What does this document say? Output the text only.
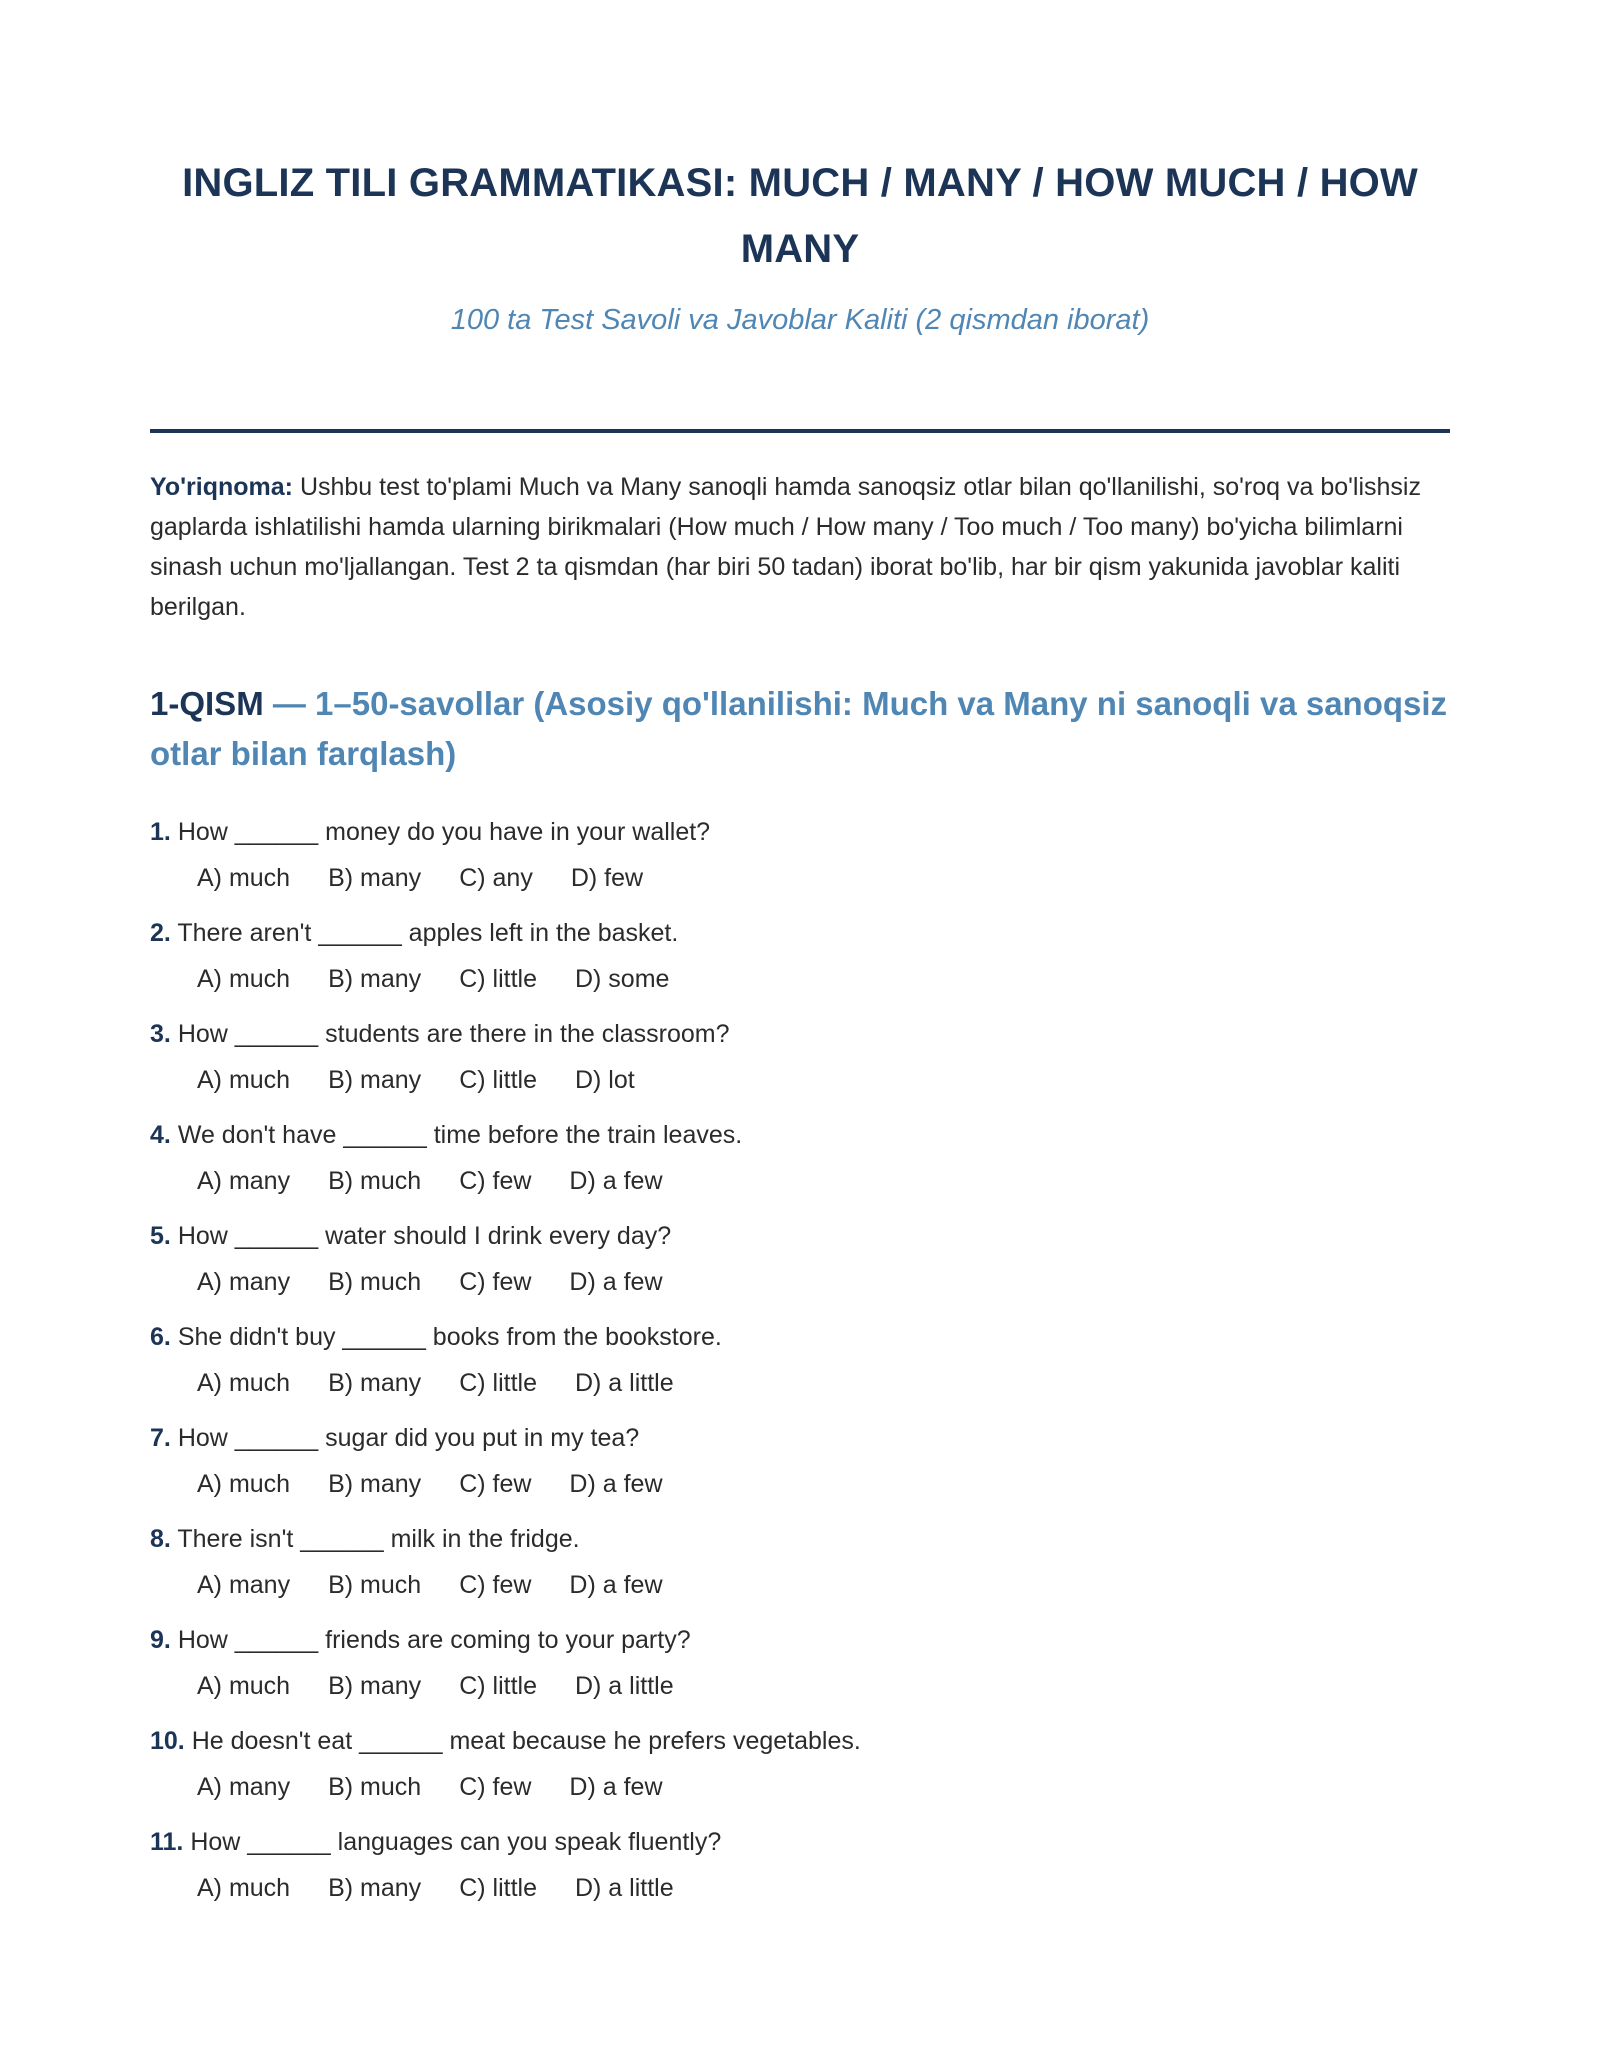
INGLIZ TILI GRAMMATIKASI: MUCH / MANY / HOW MUCH / HOW MANY
100 ta Test Savoli va Javoblar Kaliti (2 qismdan iborat)

Yo'riqnoma: Ushbu test to'plami Much va Many sanoqli hamda sanoqsiz otlar bilan qo'llanilishi, so'roq va bo'lishsiz gaplarda ishlatilishi hamda ularning birikmalari (How much / How many / Too much / Too many) bo'yicha bilimlarni sinash uchun mo'ljallangan. Test 2 ta qismdan (har biri 50 tadan) iborat bo'lib, har bir qism yakunida javoblar kaliti berilgan.

1-QISM — 1–50-savollar (Asosiy qo'llanilishi: Much va Many ni sanoqli va sanoqsiz otlar bilan farqlash)
1. How ______ money do you have in your wallet?
A) much B) many C) any D) few
2. There aren't ______ apples left in the basket.
A) much B) many C) little D) some
3. How ______ students are there in the classroom?
A) much B) many C) little D) lot
4. We don't have ______ time before the train leaves.
A) many B) much C) few D) a few
5. How ______ water should I drink every day?
A) many B) much C) few D) a few
6. She didn't buy ______ books from the bookstore.
A) much B) many C) little D) a little
7. How ______ sugar did you put in my tea?
A) much B) many C) few D) a few
8. There isn't ______ milk in the fridge.
A) many B) much C) few D) a few
9. How ______ friends are coming to your party?
A) much B) many C) little D) a little
10. He doesn't eat ______ meat because he prefers vegetables.
A) many B) much C) few D) a few
11. How ______ languages can you speak fluently?
A) much B) many C) little D) a little
